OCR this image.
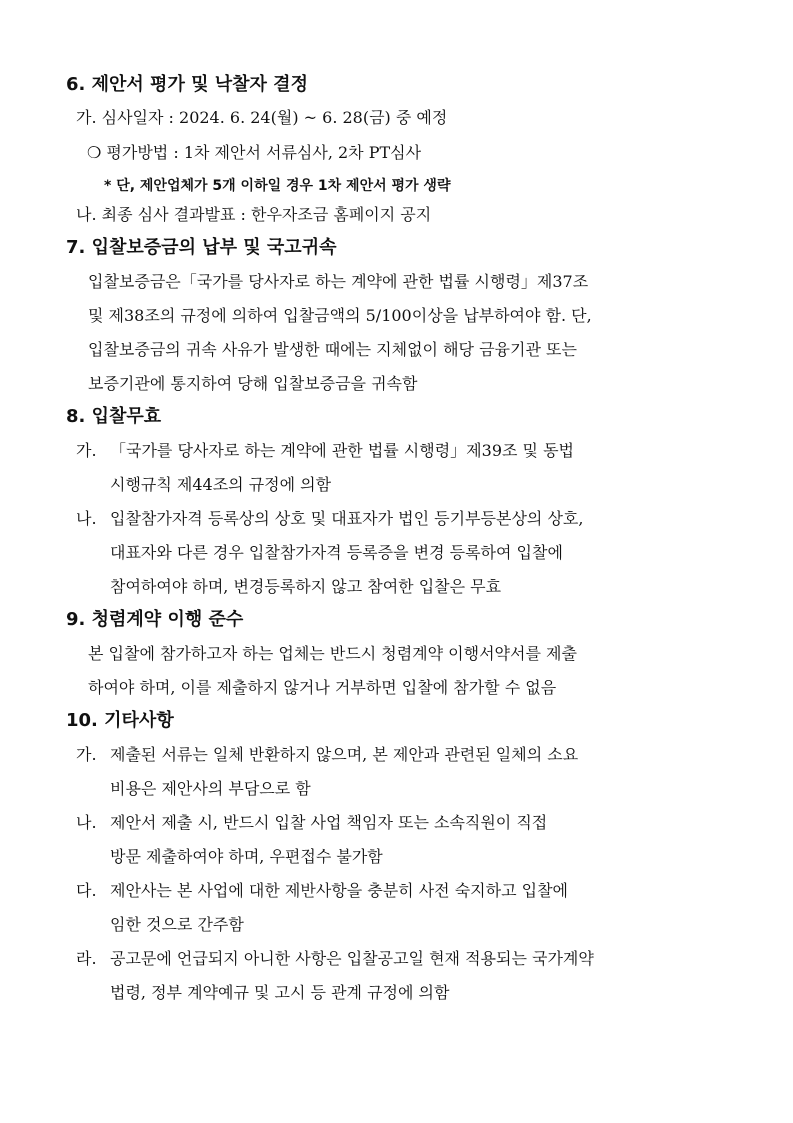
6. 제안서 평가 및 낙찰자 결정
가. 심사일자 : 2024. 6. 24(월) ~ 6. 28(금) 중 예정
❍ 평가방법 : 1차 제안서 서류심사, 2차 PT심사
* 단, 제안업체가 5개 이하일 경우 1차 제안서 평가 생략
나. 최종 심사 결과발표 : 한우자조금 홈페이지 공지
7. 입찰보증금의 납부 및 국고귀속
입찰보증금은「국가를 당사자로 하는 계약에 관한 법률 시행령」제37조
및 제38조의 규정에 의하여 입찰금액의 5/100이상을 납부하여야 함. 단,
입찰보증금의 귀속 사유가 발생한 때에는 지체없이 해당 금융기관 또는
보증기관에 통지하여 당해 입찰보증금을 귀속함
8. 입찰무효
가. 「국가를 당사자로 하는 계약에 관한 법률 시행령」제39조 및 동법
시행규칙 제44조의 규정에 의함
나. 입찰참가자격 등록상의 상호 및 대표자가 법인 등기부등본상의 상호,
대표자와 다른 경우 입찰참가자격 등록증을 변경 등록하여 입찰에
참여하여야 하며, 변경등록하지 않고 참여한 입찰은 무효
9. 청렴계약 이행 준수
본 입찰에 참가하고자 하는 업체는 반드시 청렴계약 이행서약서를 제출
하여야 하며, 이를 제출하지 않거나 거부하면 입찰에 참가할 수 없음
10. 기타사항
가. 제출된 서류는 일체 반환하지 않으며, 본 제안과 관련된 일체의 소요
비용은 제안사의 부담으로 함
나. 제안서 제출 시, 반드시 입찰 사업 책임자 또는 소속직원이 직접
방문 제출하여야 하며, 우편접수 불가함
다. 제안사는 본 사업에 대한 제반사항을 충분히 사전 숙지하고 입찰에
임한 것으로 간주함
라. 공고문에 언급되지 아니한 사항은 입찰공고일 현재 적용되는 국가계약
법령, 정부 계약예규 및 고시 등 관계 규정에 의함
